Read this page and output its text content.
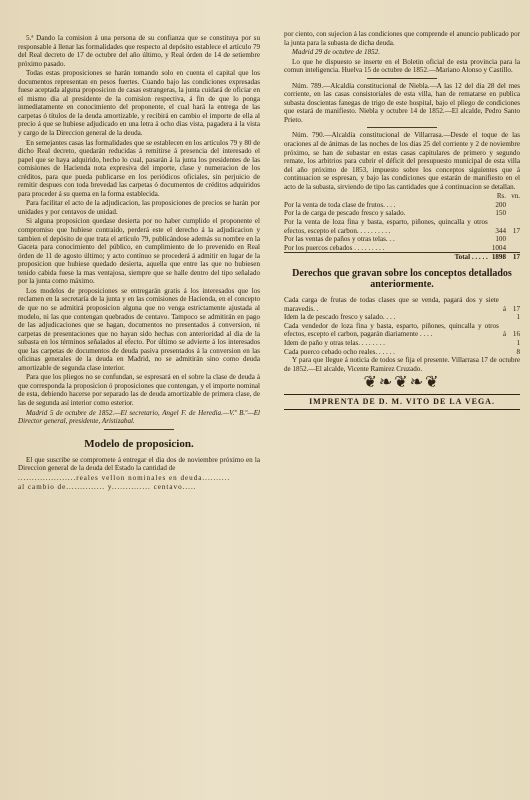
5.ª Dando la comision á una persona de su confianza que se constituya por su responsable á llenar las formalidades que respecto al depósito establece el artículo 79 del Real decreto de 17 de octubre del año último, y Real órden de 14 de setiembre próximo pasado.

Todas estas proposiciones se harán tomando solo en cuenta el capital que los documentos representan en pesos fuertes. Cuando bajo las condiciones expresadas fuese aceptada alguna proposicion de casas estrangeras, la junta cuidará de oficiar en el mismo dia al presidente de la comision respectiva, á fin de que lo ponga inmediatamente en conocimiento del proponente, el cual hará la entrega de las carpetas ó títulos de la deuda amortizable, y recibirá en cambio el importe de ella al precio á que se hubiese adjudicado en una letra á ocho dias vista, pagadera á la vista y cargo de la Direccion general de la deuda.

En semejantes casas las formalidades que se establecen en los artículos 79 y 80 de dicho Real decreto, quedarán reducidas á remitirse á presencia del interesado el papel que se haya adquirido, hecho lo cual, pasarán á la junta los presidentes de las comisiones de Hacienda nota expresiva del importe, clase y numeracion de los créditos, para que pueda publicarse en los periódicos oficiales, sin perjuicio de remitir despues con toda brevedad las carpetas ó documentos de créditos adquiridos para proceder á su quema en la forma establecida.

Para facilitar el acto de la adjudicacion, las proposiciones de precios se harán por unidades y por centavos de unidad.

Si alguna proposicion quedase desierta por no haber cumplido el proponente el compromiso que hubiese contraido, perderá este el derecho á la adjudicacion y tambien el depósito de que trata el artículo 79, publicándose además su nombre en la Gaceta para conocimiento del público, en cumplimiento de lo prevenido en Real órden de 11 de agosto último; y acto contínuo se procederá á admitir en lugar de la proposicion que hubiese quedado desierta, aquella que entre las que no hubiesen tenido cabida fuese la mas ventajosa, siempre que se halle dentro del tipo señalado por la junta como máximo.

Los modelos de proposiciones se entregarán gratis á los interesados que los reclamen en la secretaría de la junta y en las comisiones de Hacienda, en el concepto de que no se admitirá proposicion alguna que no venga estrictamente ajustada al modelo, ni las que contengan quebrados de centavo. Tampoco se admitirán en pago de las adjudicaciones que se hagan, documentos no presentados á conversion, ni carpetas de presentaciones que no hayan sido hechas con anterioridad al dia de la subasta en los términos señalados al efecto. Por último se advierte á los interesados que las carpetas de documentos de deuda pasiva presentados á la conversion en las oficinas generales de la deuda en Madrid, no se admitirán sino como deuda amortizable de segunda clase interior.

Para que los pliegos no se confundan, se espresará en el sobre la clase de deuda á que corresponda la proposicion ó proposiciones que contengan, y el importe nominal de esta, debiendo hacerse por separado las de deuda amortizable de primera clase, de las de segunda así interior como esterior.

Madrid 5 de octubre de 1852.—El secretario, Angel F. de Heredia.—V.º B.º—El Director general, presidente, Aristizabal.

Modelo de proposicion.

El que suscribe se compromete á entregar el dia dos de noviembre próximo en la Direccion general de la deuda del Estado la cantidad de

.....................reales vellon nominales en deuda..........

al cambio de.............. y.............. centavo.....

por ciento, con sujecion á las condiciones que comprende el anuncio publicado por la junta para la subasta de dicha deuda.

Madrid 29 de octubre de 1852.

Lo que he dispuesto se inserte en el Boletin oficial de esta provincia para la comun inteligencia. Huelva 15 de octubre de 1852.—Mariano Alonso y Castillo.

Núm. 789.—Alcaldía constitucional de Niebla.—A las 12 del dia 28 del mes corriente, en las casas consistoriales de esta villa, han de rematarse en publica subasta doscientas fanegas de trigo de este hospital, bajo el pliego de condiciones que estará de manifiesto. Niebla y octubre 14 de 1852.—El alcalde, Pedro Santo Prieto.

Núm. 790.—Alcaldía constitucional de Villarrasa.—Desde el toque de las oraciones al de ánimas de las noches de los dias 25 del corriente y 2 de noviembre próximo, se han de subastar en estas casas capitulares de primero y segundo remate, los arbitrios para cubrir el déficit del presupuesto municipal de esta villa del año próximo de 1853, impuesto sobre los conceptos siguientes que á continuacion se espresan, y bajo las condiciones que estarán de manifiesto en el acto de la subasta, sirviendo de tipo las cantidades que á continuacion se detallan.

	Rs.	vn.
Por la venta de toda clase de frutos. . . .	200	
Por la de carga de pescado fresco y salado.	150	
Por la venta de loza fina y basta, esparto, piñones, quincalla y otros efectos, escepto el carbon. . . . . . . . . .	344	17
Por las ventas de paños y otras telas. . .	100	
Por los puercos cebados . . . . . . . . .	1004	
Total . . . . .	1898	17
Derechos que gravan sobre los conceptos detallados anteriormente.
Cada carga de frutas de todas clases que se venda, pagará dos y siete maravedis. .	á	17
Idem la de pescado fresco y salado. . . .		1
Cada vendedor de loza fina y basta, esparto, piñones, quincalla y otros efectos, escepto el carbon, pagarán diariamente . . . .	á	16
Idem de paño y otras telas. . . . . . . .		1
Cada puerco cebado ocho reales. . . . . .		8

Y para que llegue á noticia de todos se fija el presente. Villarrasa 17 de octubre de 1852.—El alcalde, Vicente Ramirez Cruzado.

❦❧❦❧❦
IMPRENTA DE D. M. VITO DE LA VEGA.
